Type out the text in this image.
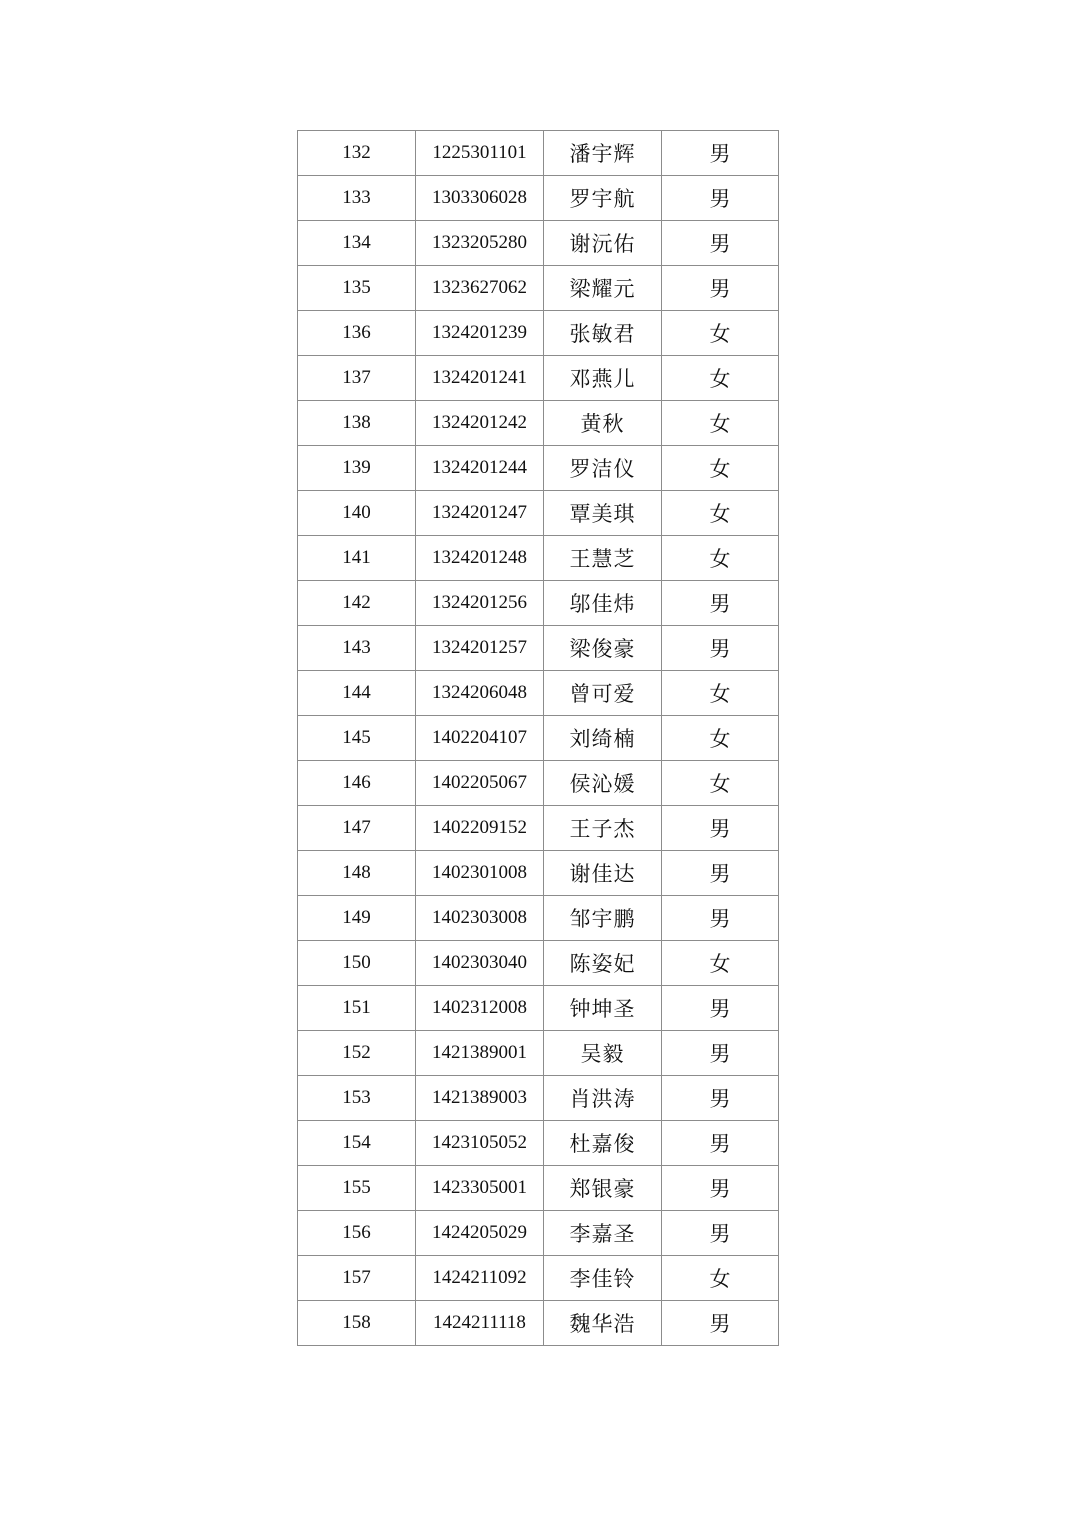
132	1225301101	潘宇辉	男
133	1303306028	罗宇航	男
134	1323205280	谢沅佑	男
135	1323627062	梁耀元	男
136	1324201239	张敏君	女
137	1324201241	邓燕儿	女
138	1324201242	黄秋	女
139	1324201244	罗洁仪	女
140	1324201247	覃美琪	女
141	1324201248	王慧芝	女
142	1324201256	邬佳炜	男
143	1324201257	梁俊豪	男
144	1324206048	曾可爱	女
145	1402204107	刘绮楠	女
146	1402205067	侯沁媛	女
147	1402209152	王子杰	男
148	1402301008	谢佳达	男
149	1402303008	邹宇鹏	男
150	1402303040	陈姿妃	女
151	1402312008	钟坤圣	男
152	1421389001	吴毅	男
153	1421389003	肖洪涛	男
154	1423105052	杜嘉俊	男
155	1423305001	郑银豪	男
156	1424205029	李嘉圣	男
157	1424211092	李佳铃	女
158	1424211118	魏华浩	男
